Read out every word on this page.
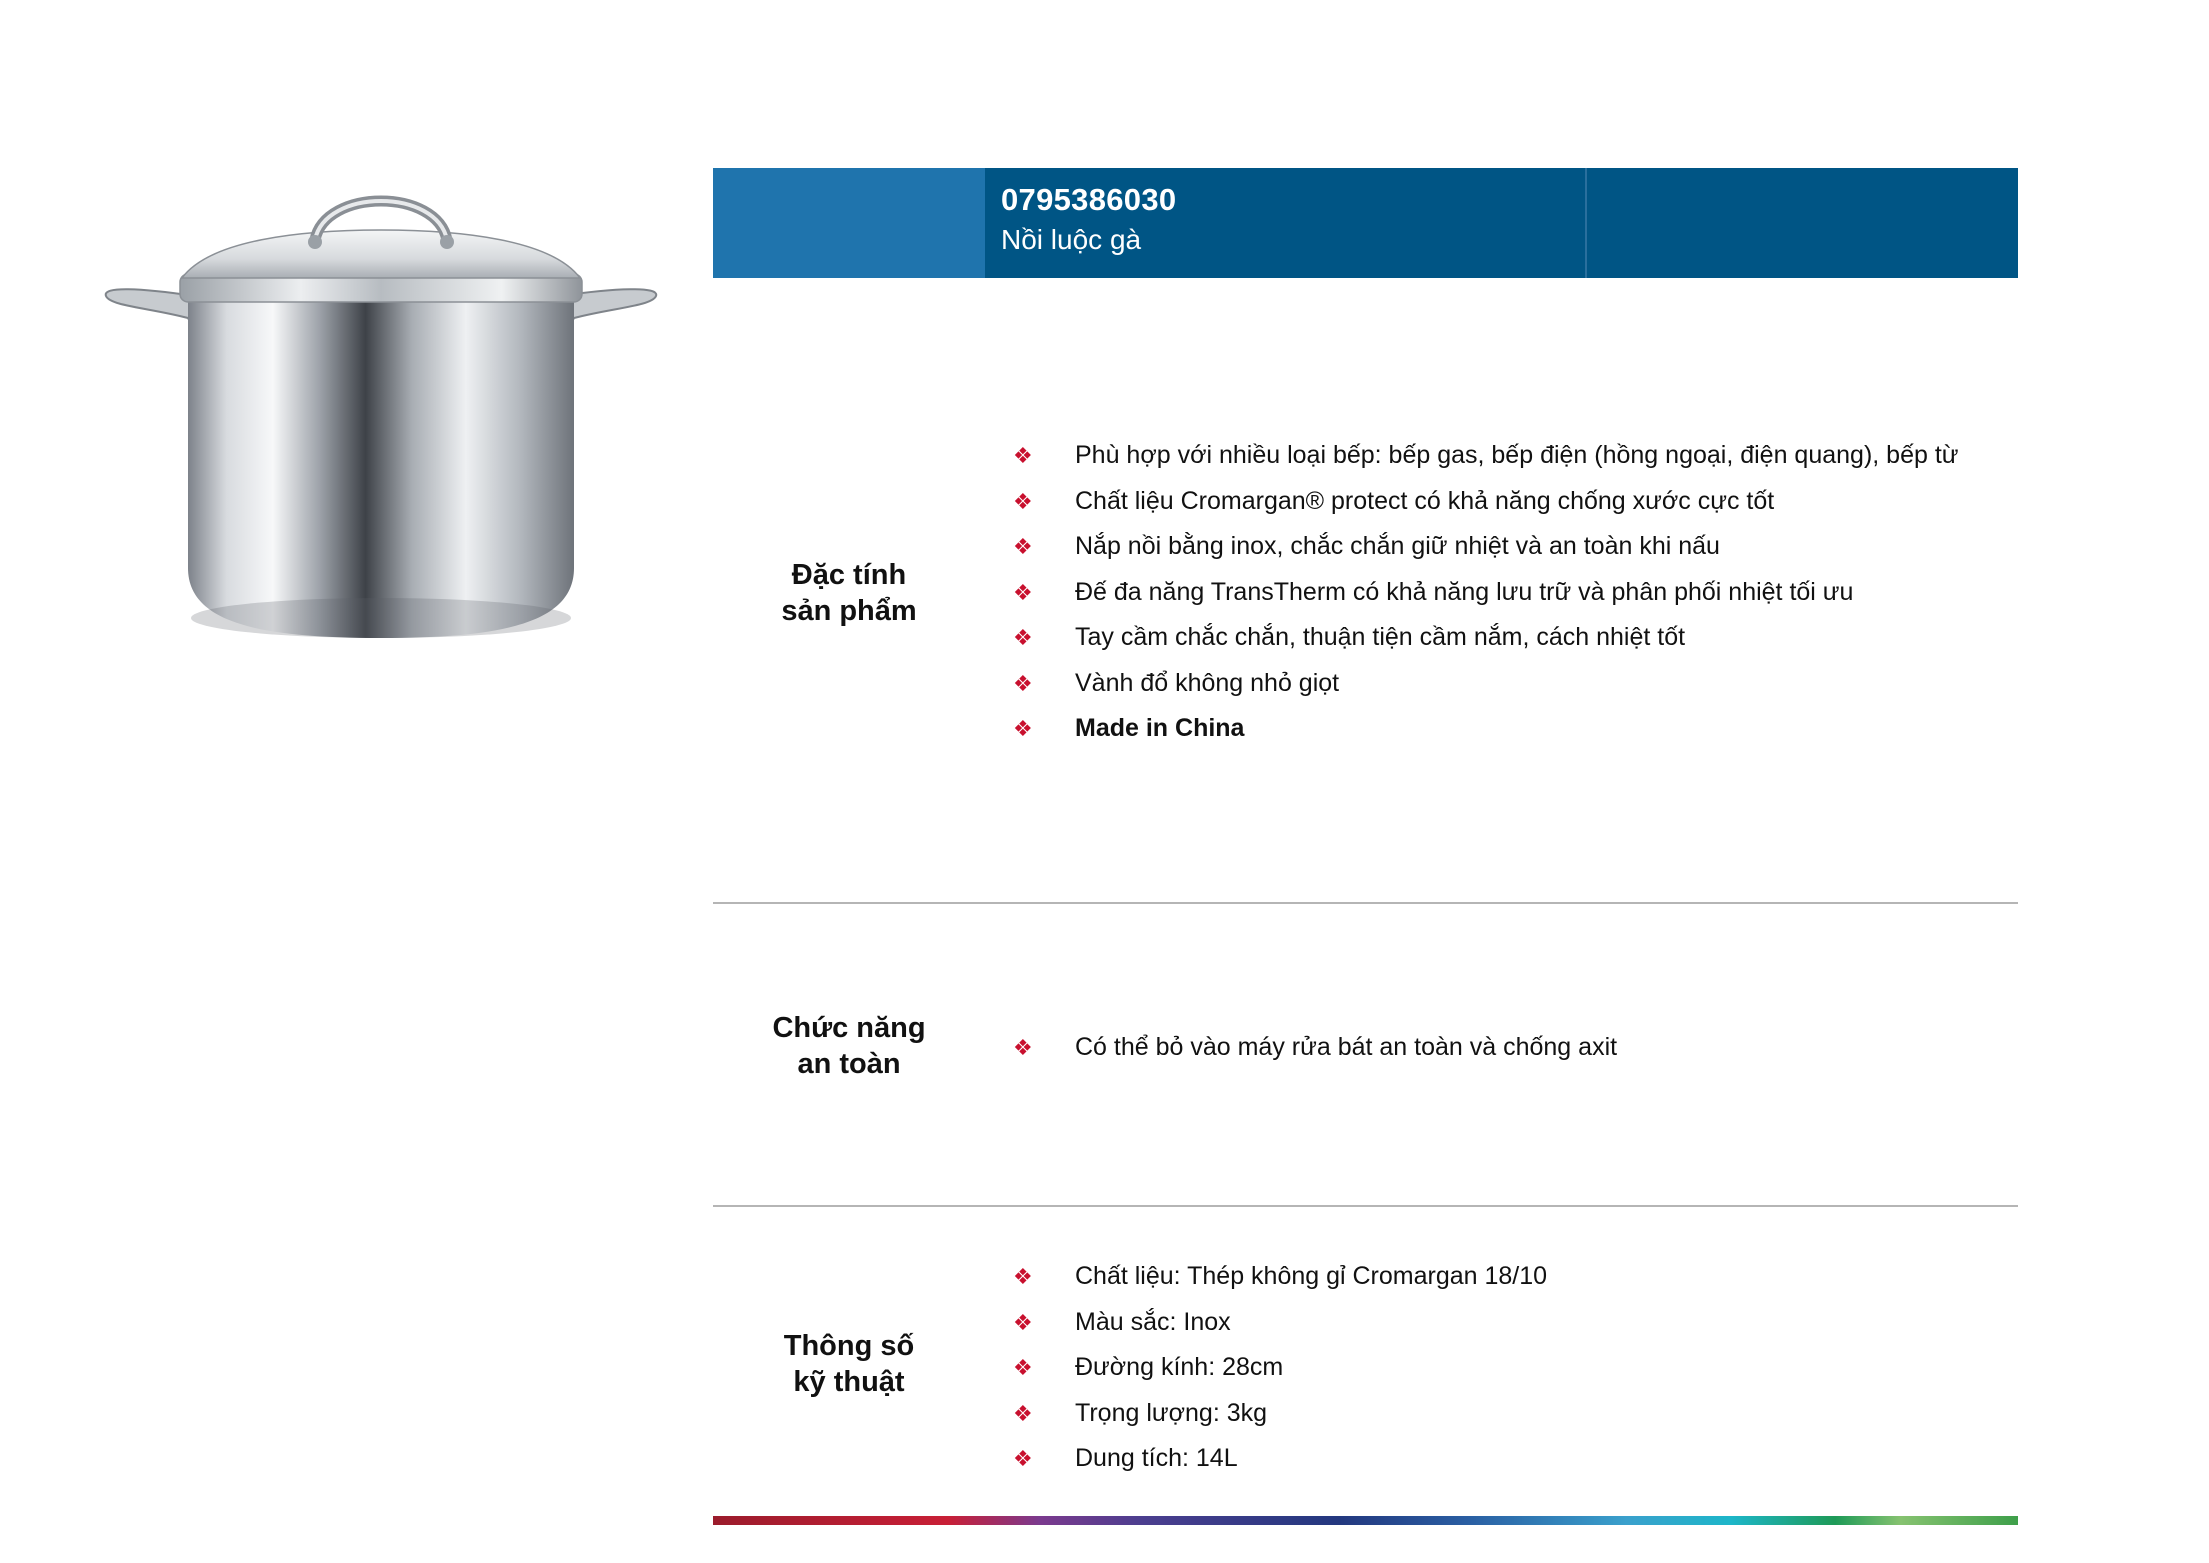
0795386030
Nồi luộc gà
Đặc tính
sản phẩm
❖ Phù hợp với nhiều loại bếp: bếp gas, bếp điện (hồng ngoại, điện quang), bếp từ
❖ Chất liệu Cromargan® protect có khả năng chống xước cực tốt
❖ Nắp nồi bằng inox, chắc chắn giữ nhiệt và an toàn khi nấu
❖ Đế đa năng TransTherm có khả năng lưu trữ và phân phối nhiệt tối ưu
❖ Tay cầm chắc chắn, thuận tiện cầm nắm, cách nhiệt tốt
❖ Vành đổ không nhỏ giọt
❖ Made in China
Chức năng
an toàn
❖ Có thể bỏ vào máy rửa bát an toàn và chống axit
Thông số
kỹ thuật
❖ Chất liệu: Thép không gỉ Cromargan 18/10
❖ Màu sắc: Inox
❖ Đường kính: 28cm
❖ Trọng lượng: 3kg
❖ Dung tích: 14L
